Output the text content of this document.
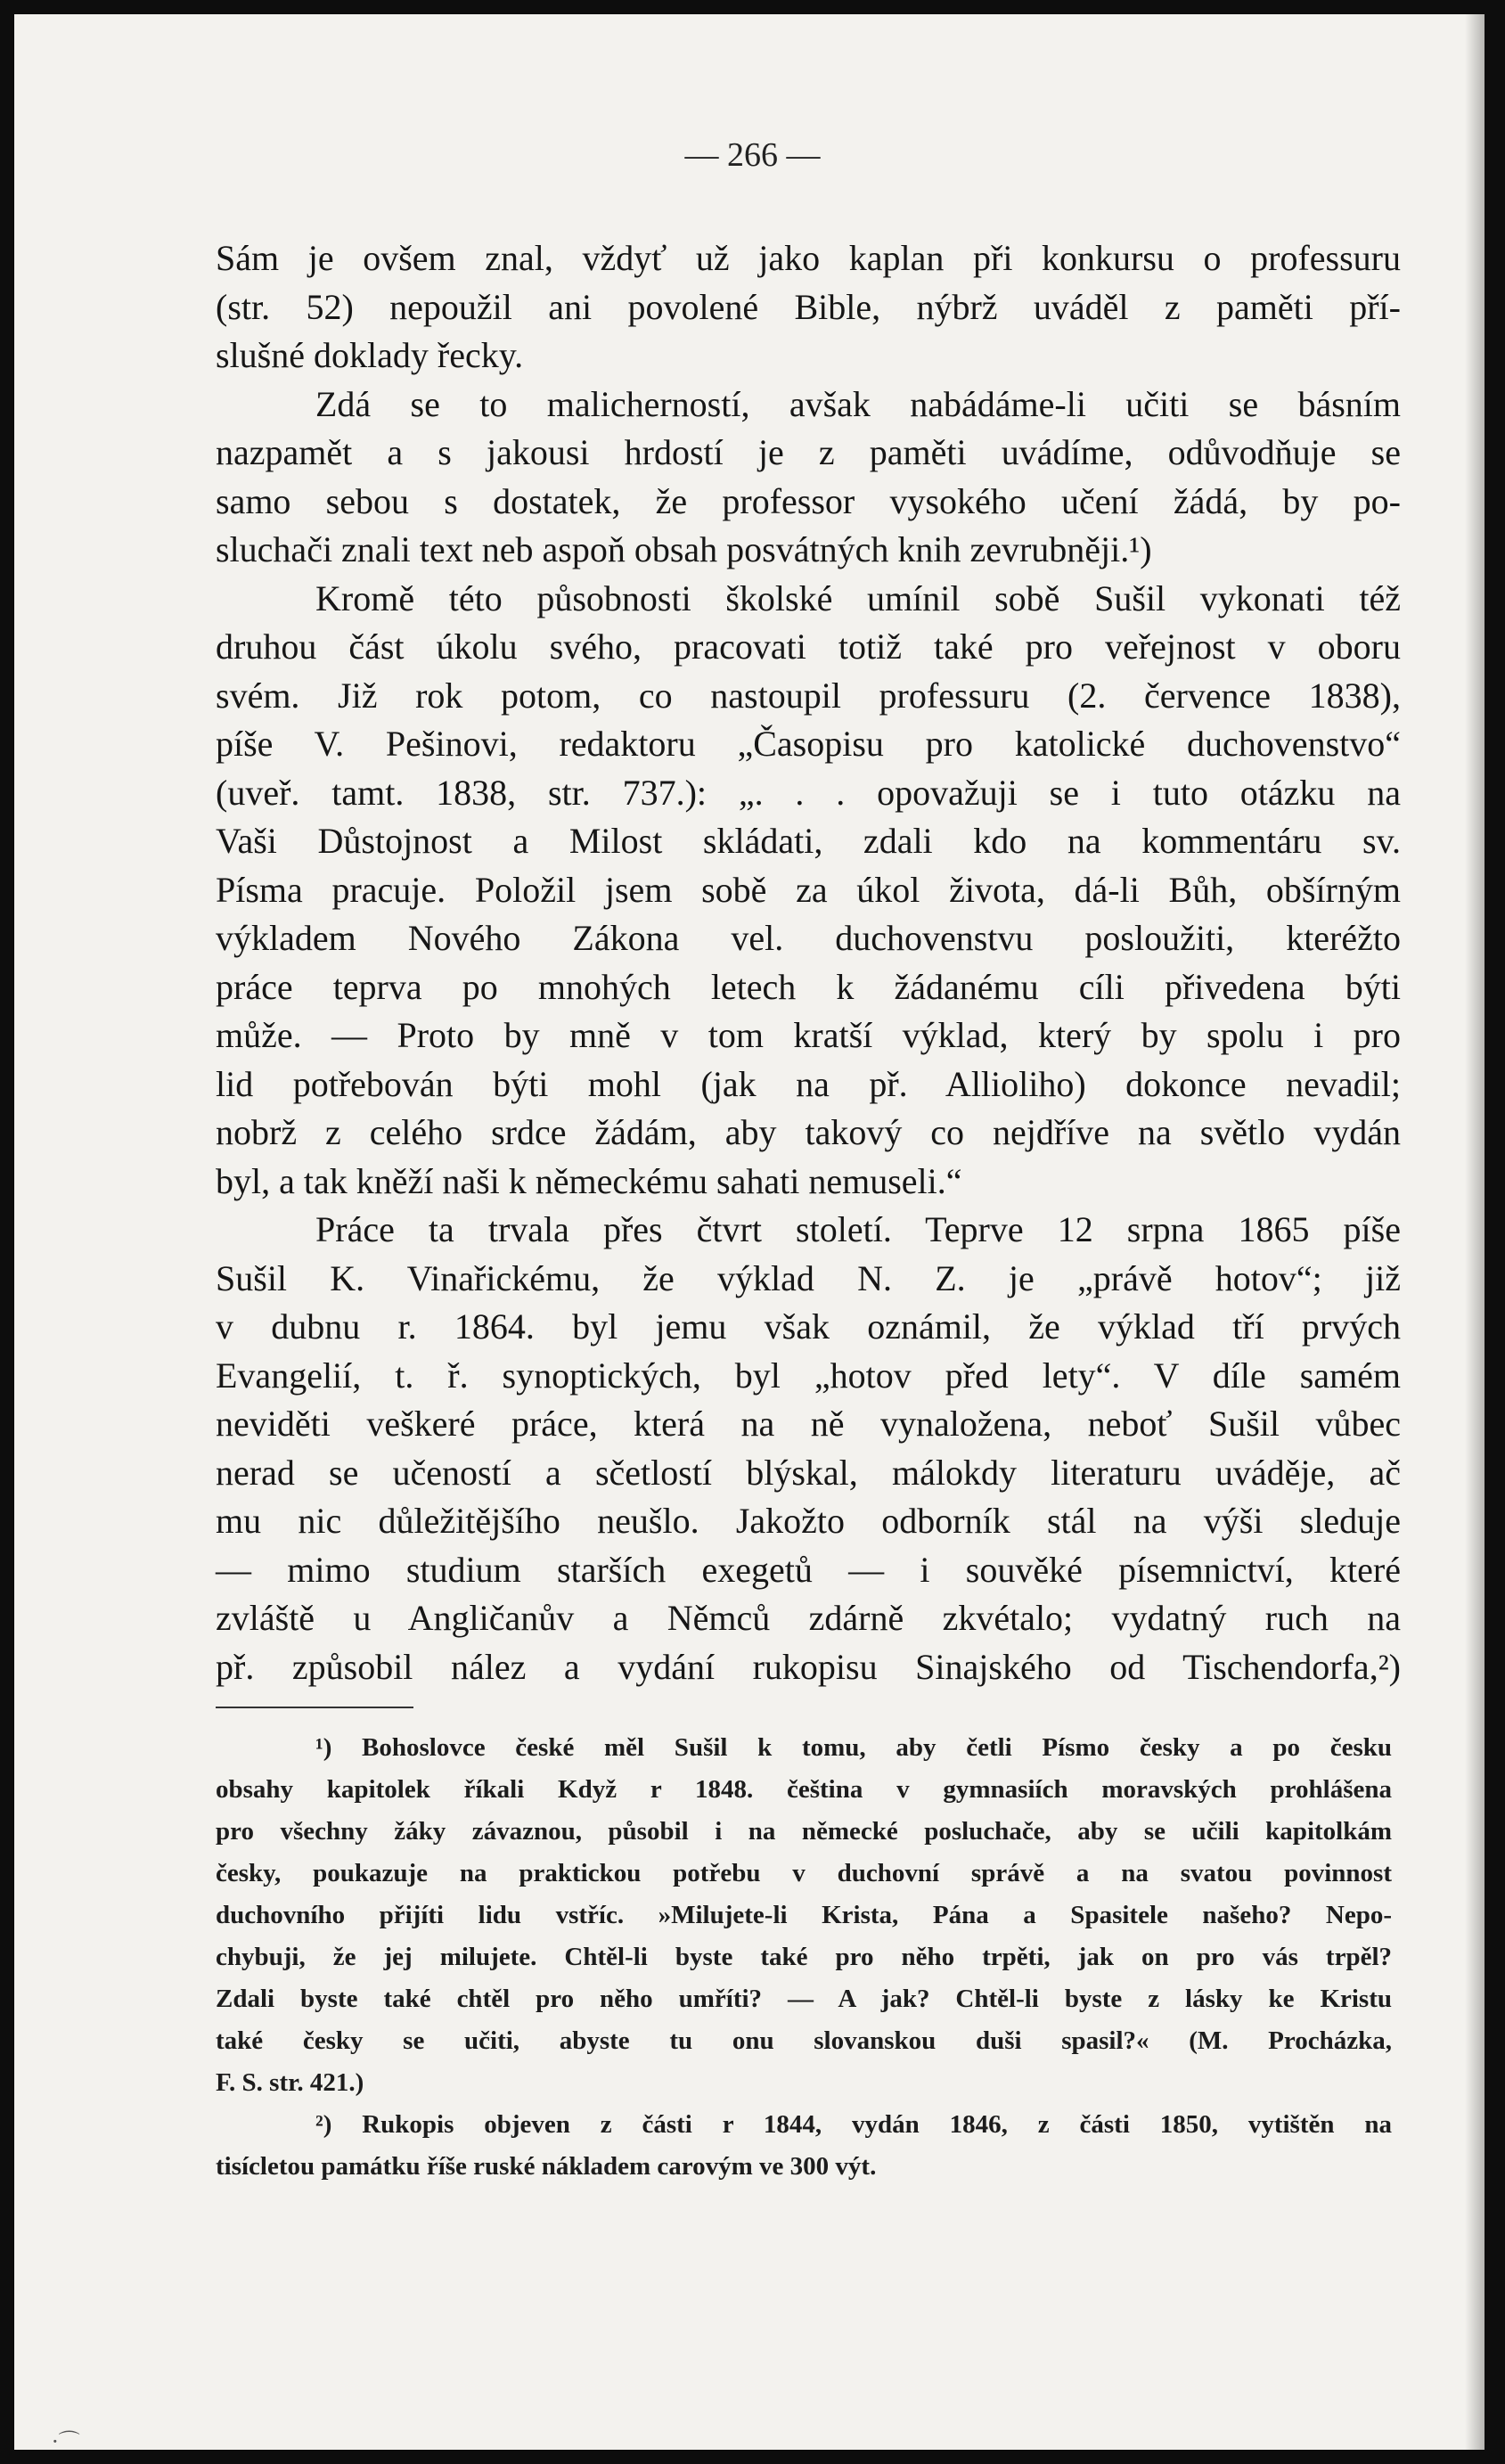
— 266 —

Sám je ovšem znal, vždyť už jako kaplan při konkursu o professuru
(str. 52) nepoužil ani povolené Bible, nýbrž uváděl z paměti pří-
slušné doklady řecky.

Zdá se to malicherností, avšak nabádáme-li učiti se básním
nazpamět a s jakousi hrdostí je z paměti uvádíme, odůvodňuje se
samo sebou s dostatek, že professor vysokého učení žádá, by po-
sluchači znali text neb aspoň obsah posvátných knih zevrubněji.¹)

Kromě této působnosti školské umínil sobě Sušil vykonati též
druhou část úkolu svého, pracovati totiž také pro veřejnost v oboru
svém. Již rok potom, co nastoupil professuru (2. července 1838),
píše V. Pešinovi, redaktoru „Časopisu pro katolické duchovenstvo“
(uveř. tamt. 1838, str. 737.): „. . . opovažuji se i tuto otázku na
Vaši Důstojnost a Milost skládati, zdali kdo na kommentáru sv.
Písma pracuje. Položil jsem sobě za úkol života, dá-li Bůh, obšírným
výkladem Nového Zákona vel. duchovenstvu posloužiti, kteréžto
práce teprva po mnohých letech k žádanému cíli přivedena býti
může. — Proto by mně v tom kratší výklad, který by spolu i pro
lid potřebován býti mohl (jak na př. Allioliho) dokonce nevadil;
nobrž z celého srdce žádám, aby takový co nejdříve na světlo vydán
byl, a tak kněží naši k německému sahati nemuseli.“

Práce ta trvala přes čtvrt století. Teprve 12 srpna 1865 píše
Sušil K. Vinařickému, že výklad N. Z. je „právě hotov“; již
v dubnu r. 1864. byl jemu však oznámil, že výklad tří prvých
Evangelií, t. ř. synoptických, byl „hotov před lety“. V díle samém
neviděti veškeré práce, která na ně vynaložena, neboť Sušil vůbec
nerad se učeností a sčetlostí blýskal, málokdy literaturu uváděje, ač
mu nic důležitějšího neušlo. Jakožto odborník stál na výši sleduje
— mimo studium starších exegetů — i souvěké písemnictví, které
zvláště u Angličanův a Němců zdárně zkvétalo; vydatný ruch na
př. způsobil nález a vydání rukopisu Sinajského od Tischendorfa,²)

¹) Bohoslovce české měl Sušil k tomu, aby četli Písmo česky a po česku
obsahy kapitolek říkali Když r 1848. čeština v gymnasiích moravských prohlášena
pro všechny žáky závaznou, působil i na německé posluchače, aby se učili kapitolkám
česky, poukazuje na praktickou potřebu v duchovní správě a na svatou povinnost
duchovního přijíti lidu vstříc. »Milujete-li Krista, Pána a Spasitele našeho? Nepo-
chybuji, že jej milujete. Chtěl-li byste také pro něho trpěti, jak on pro vás trpěl?
Zdali byste také chtěl pro něho umříti? — A jak? Chtěl-li byste z lásky ke Kristu
také česky se učiti, abyste tu onu slovanskou duši spasil?« (M. Procházka,
F. S. str. 421.)
²) Rukopis objeven z části r 1844, vydán 1846, z části 1850, vytištěn na
tisícletou památku říše ruské nákladem carovým ve 300 výt.
·⌒
